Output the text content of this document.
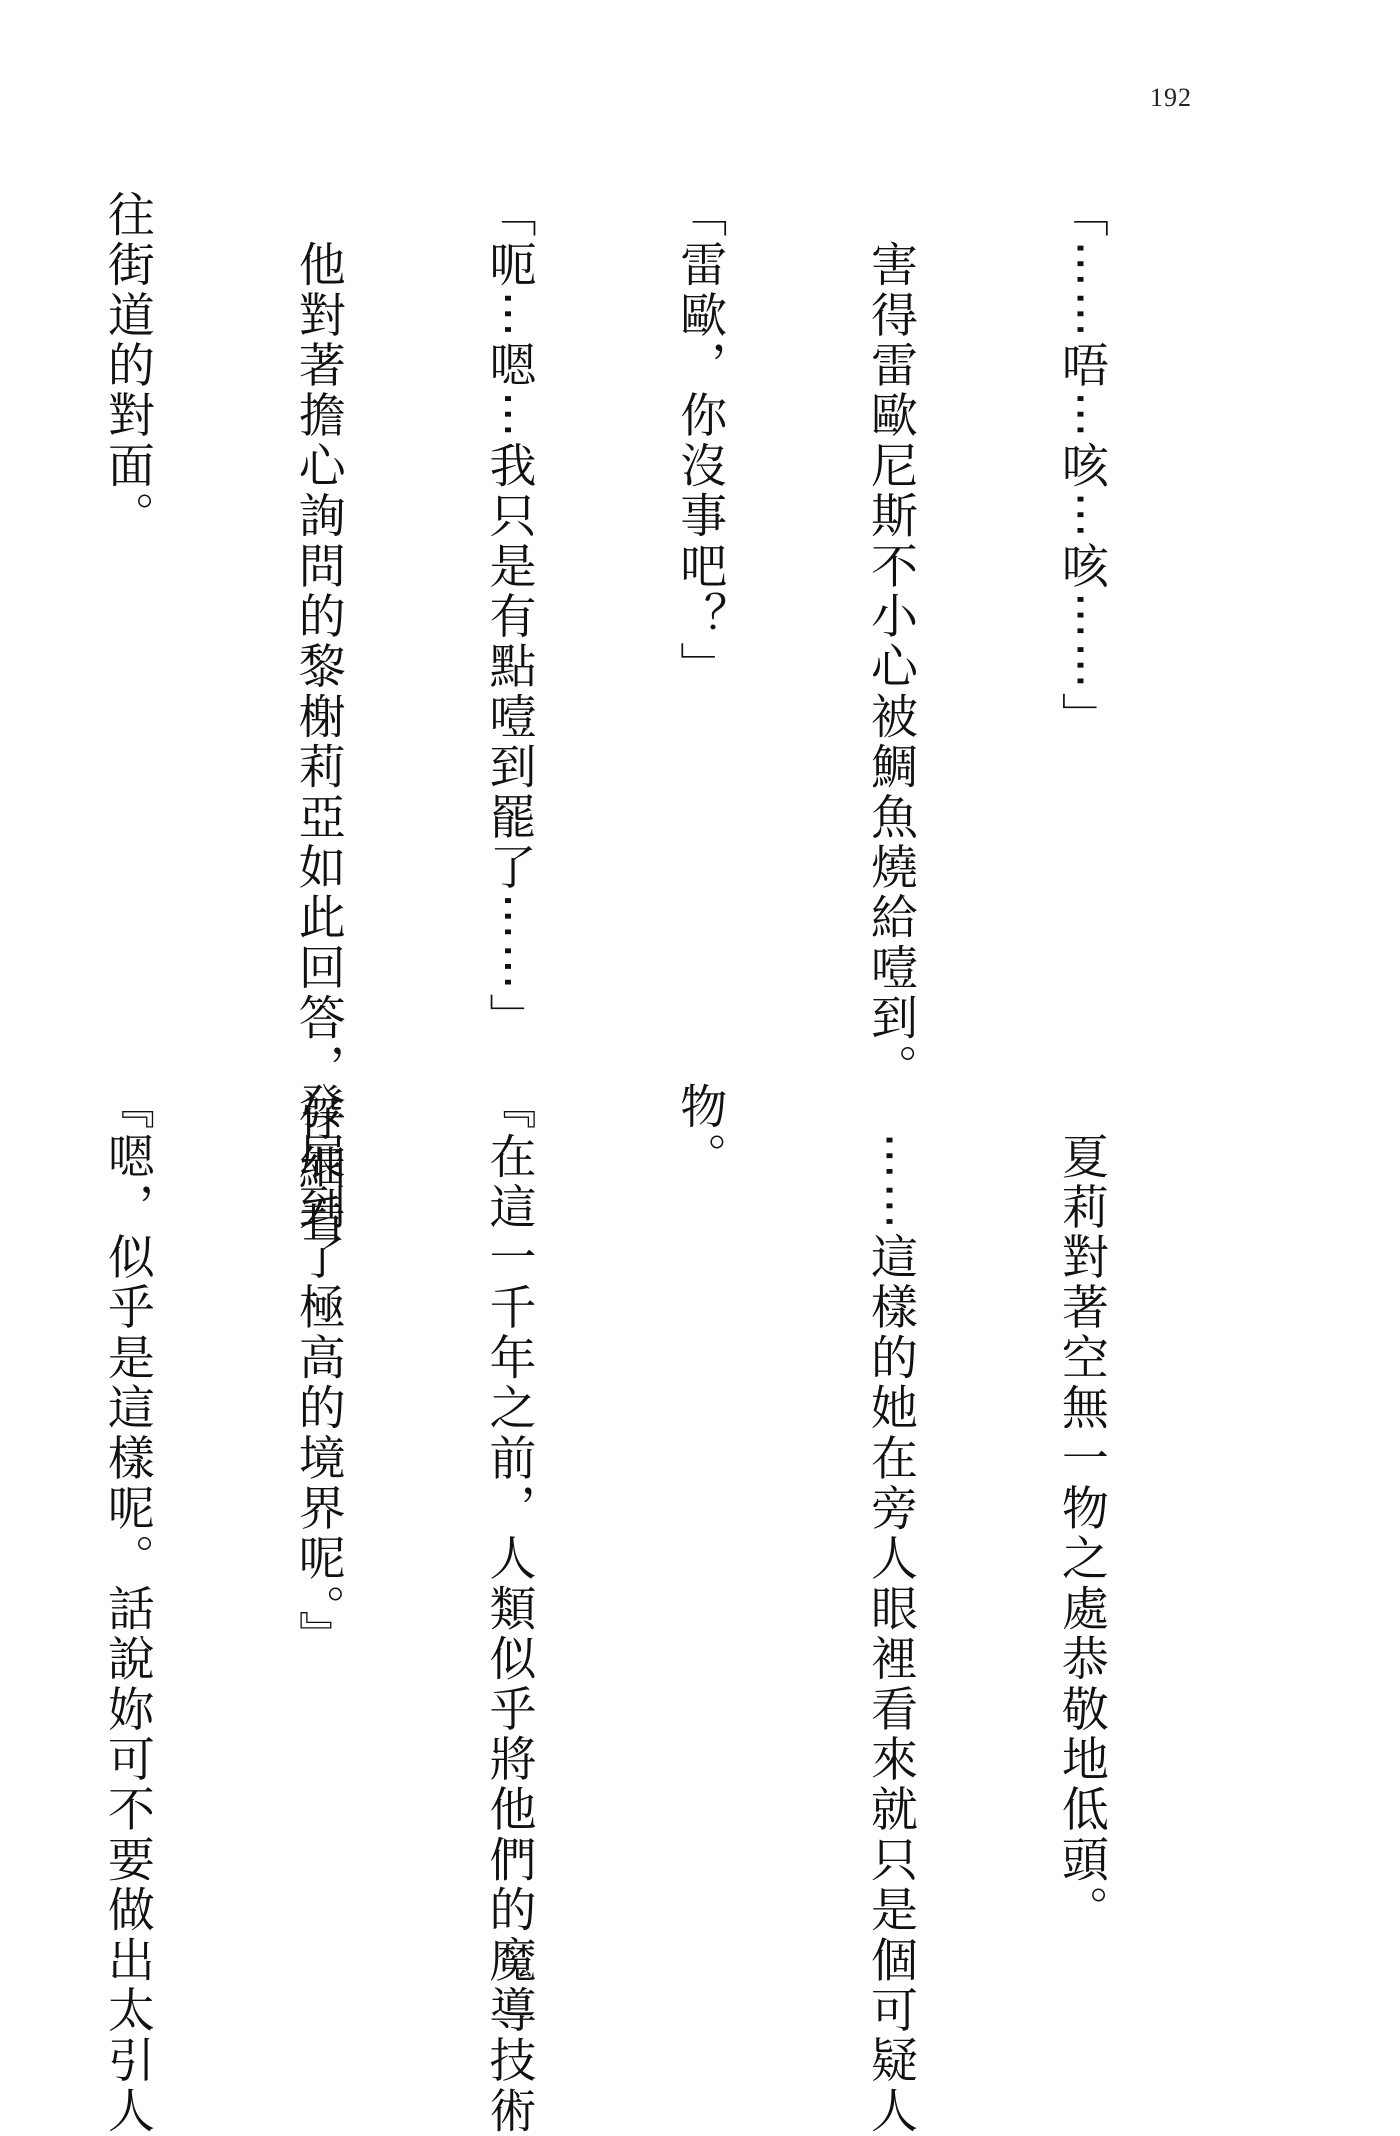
192

「⋯⋯唔⋯咳⋯咳⋯⋯」

　害得雷歐尼斯不小心被鯛魚燒給噎到。

「雷歐，你沒事吧？」

「呃⋯嗯⋯我只是有點噎到罷了⋯⋯」

　他對著擔心詢問的黎榭莉亞如此回答，仔細看

往街道的對面。

　夏莉對著空無一物之處恭敬地低頭。

　⋯⋯這樣的她在旁人眼裡看來就只是個可疑人

物。

『在這一千年之前，人類似乎將他們的魔導技術

發展到了極高的境界呢。』

『嗯，似乎是這樣呢。話說妳可不要做出太引人
